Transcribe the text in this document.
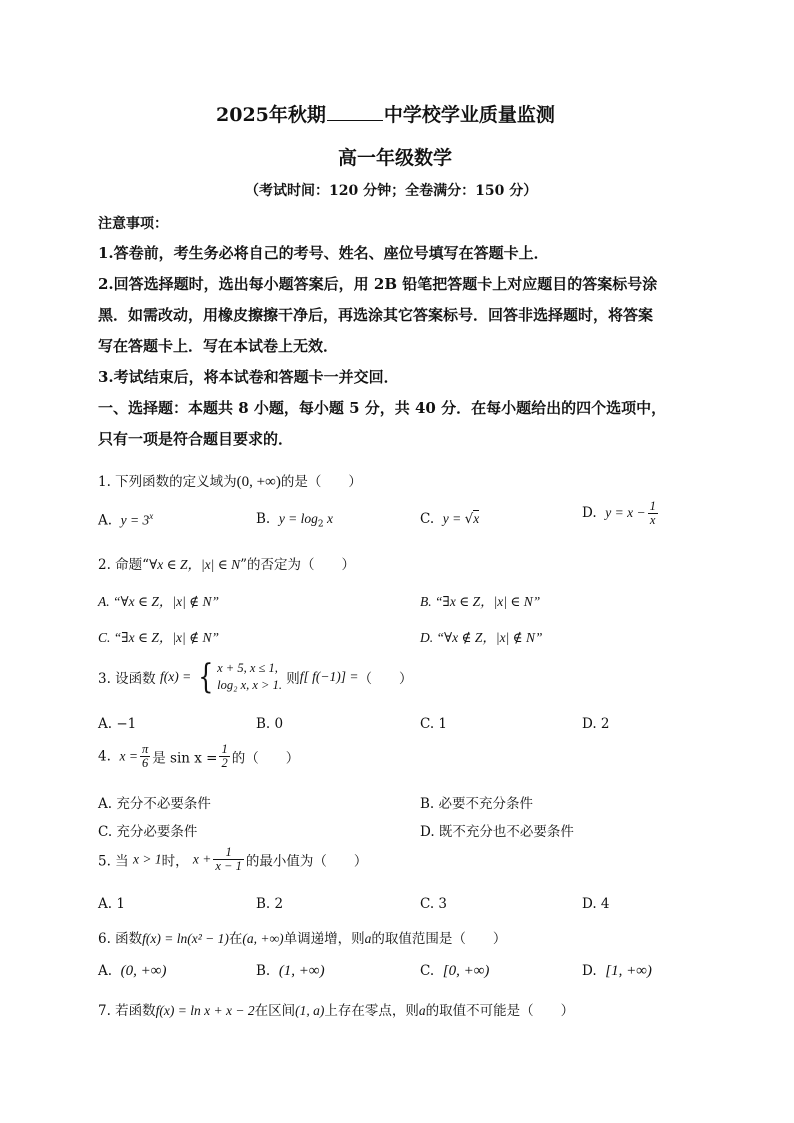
2025年秋期	中学校学业质量监测
高一年级数学
（考试时间：120 分钟；全卷满分：150 分）
注意事项：
1.答卷前，考生务必将自己的考号、姓名、座位号填写在答题卡上．
2.回答选择题时，选出每小题答案后，用 2B 铅笔把答题卡上对应题目的答案标号涂
黑．如需改动，用橡皮擦擦干净后，再选涂其它答案标号．回答非选择题时，将答案
写在答题卡上．写在本试卷上无效．
3.考试结束后，将本试卷和答题卡一并交回．
一、选择题：本题共 8 小题，每小题 5 分，共 40 分．在每小题给出的四个选项中，
只有一项是符合题目要求的．
1. 下列函数的定义域为(0, +∞)的是（　　）
A. $y = 3^x$	B. $y = \log_2 x$	C. y = √x	D. $y = x - \frac{1}{x}$
2. 命题“∀x ∈ Z，|x| ∈ N”的否定为（　　）
A. “∀x ∈ Z，|x| ∉ N”	B. “∃x ∈ Z，|x| ∈ N”
C. “∃x ∈ Z，|x| ∉ N”	D. “∀x ∉ Z，|x| ∉ N”
3. 设函数 f(x) = { x + 5, x ≤ 1,
log₂ x, x > 1. 则f[ f(−1)] =（　　）
A. −1	B. 0	C. 1	D. 2
4. $x = \frac{\pi}{6}$ 是 $\sin x = \frac{1}{2}$ 的（　　）
A. 充分不必要条件	B. 必要不充分条件
C. 充分必要条件	D. 既不充分也不必要条件
5. 当 x > 1时， $x + \frac{1}{x - 1}$ 的最小值为（　　）
A. 1	B. 2	C. 3	D. 4
6. 函数f(x) = ln(x² − 1)在(a, +∞)单调递增，则a的取值范围是（　　）
A. (0, +∞)	B. (1, +∞)	C. [0, +∞)	D. [1, +∞)
7. 若函数f(x) = ln x + x − 2在区间(1, a)上存在零点，则a的取值不可能是（　　）
